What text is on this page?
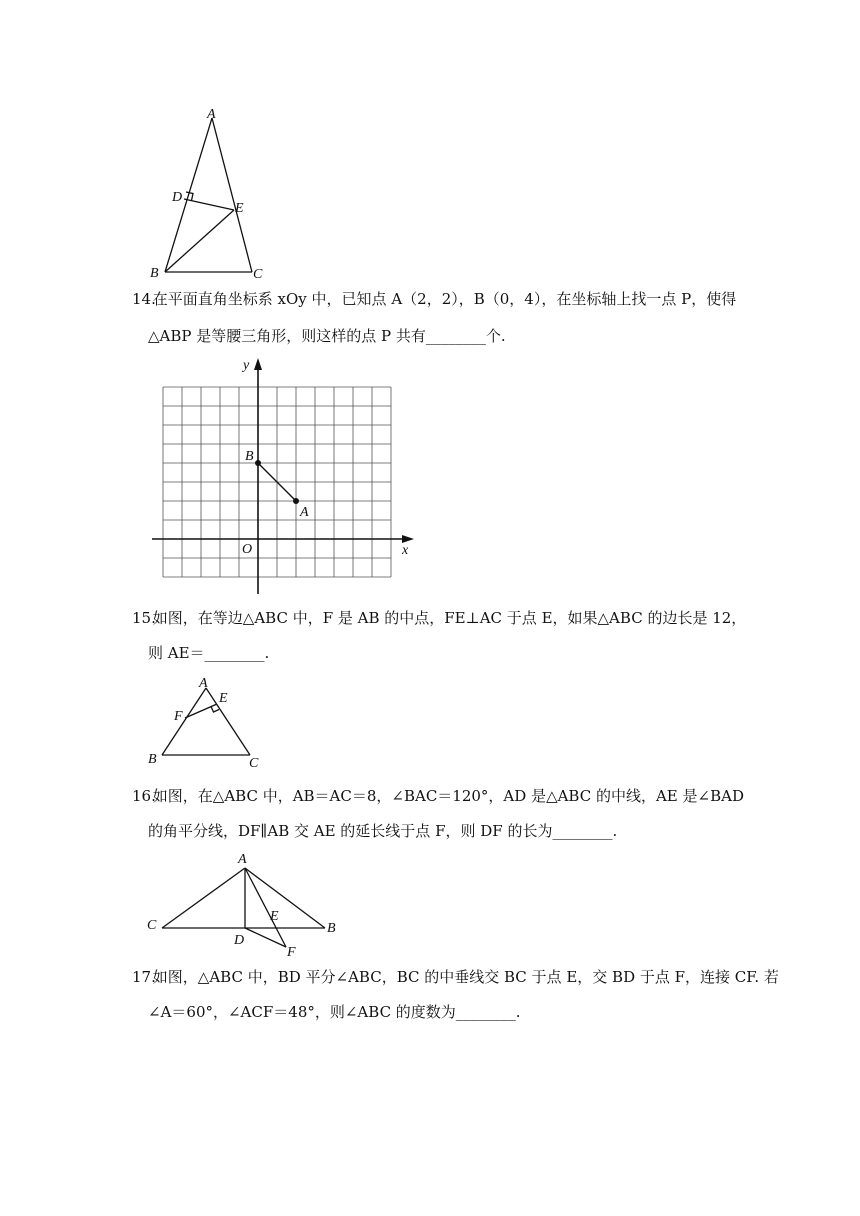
A
D
E
B	C
14. 在平面直角坐标系 xOy 中，已知点 A（2，2），B（0，4），在坐标轴上找一点 P，使得
△ABP 是等腰三角形，则这样的点 P 共有________个.
y
x
O
B
A
15. 如图，在等边△ABC 中，F 是 AB 的中点，FE⊥AC 于点 E，如果△ABC 的边长是 12，
则 AE＝________.
A
E
F
B	C
16. 如图，在△ABC 中，AB＝AC＝8，∠BAC＝120°，AD 是△ABC 的中线，AE 是∠BAD
的角平分线，DF∥AB 交 AE 的延长线于点 F，则 DF 的长为________.
A
C	B
E
D
F
17. 如图，△ABC 中，BD 平分∠ABC，BC 的中垂线交 BC 于点 E，交 BD 于点 F，连接 CF. 若
∠A＝60°，∠ACF＝48°，则∠ABC 的度数为________.
